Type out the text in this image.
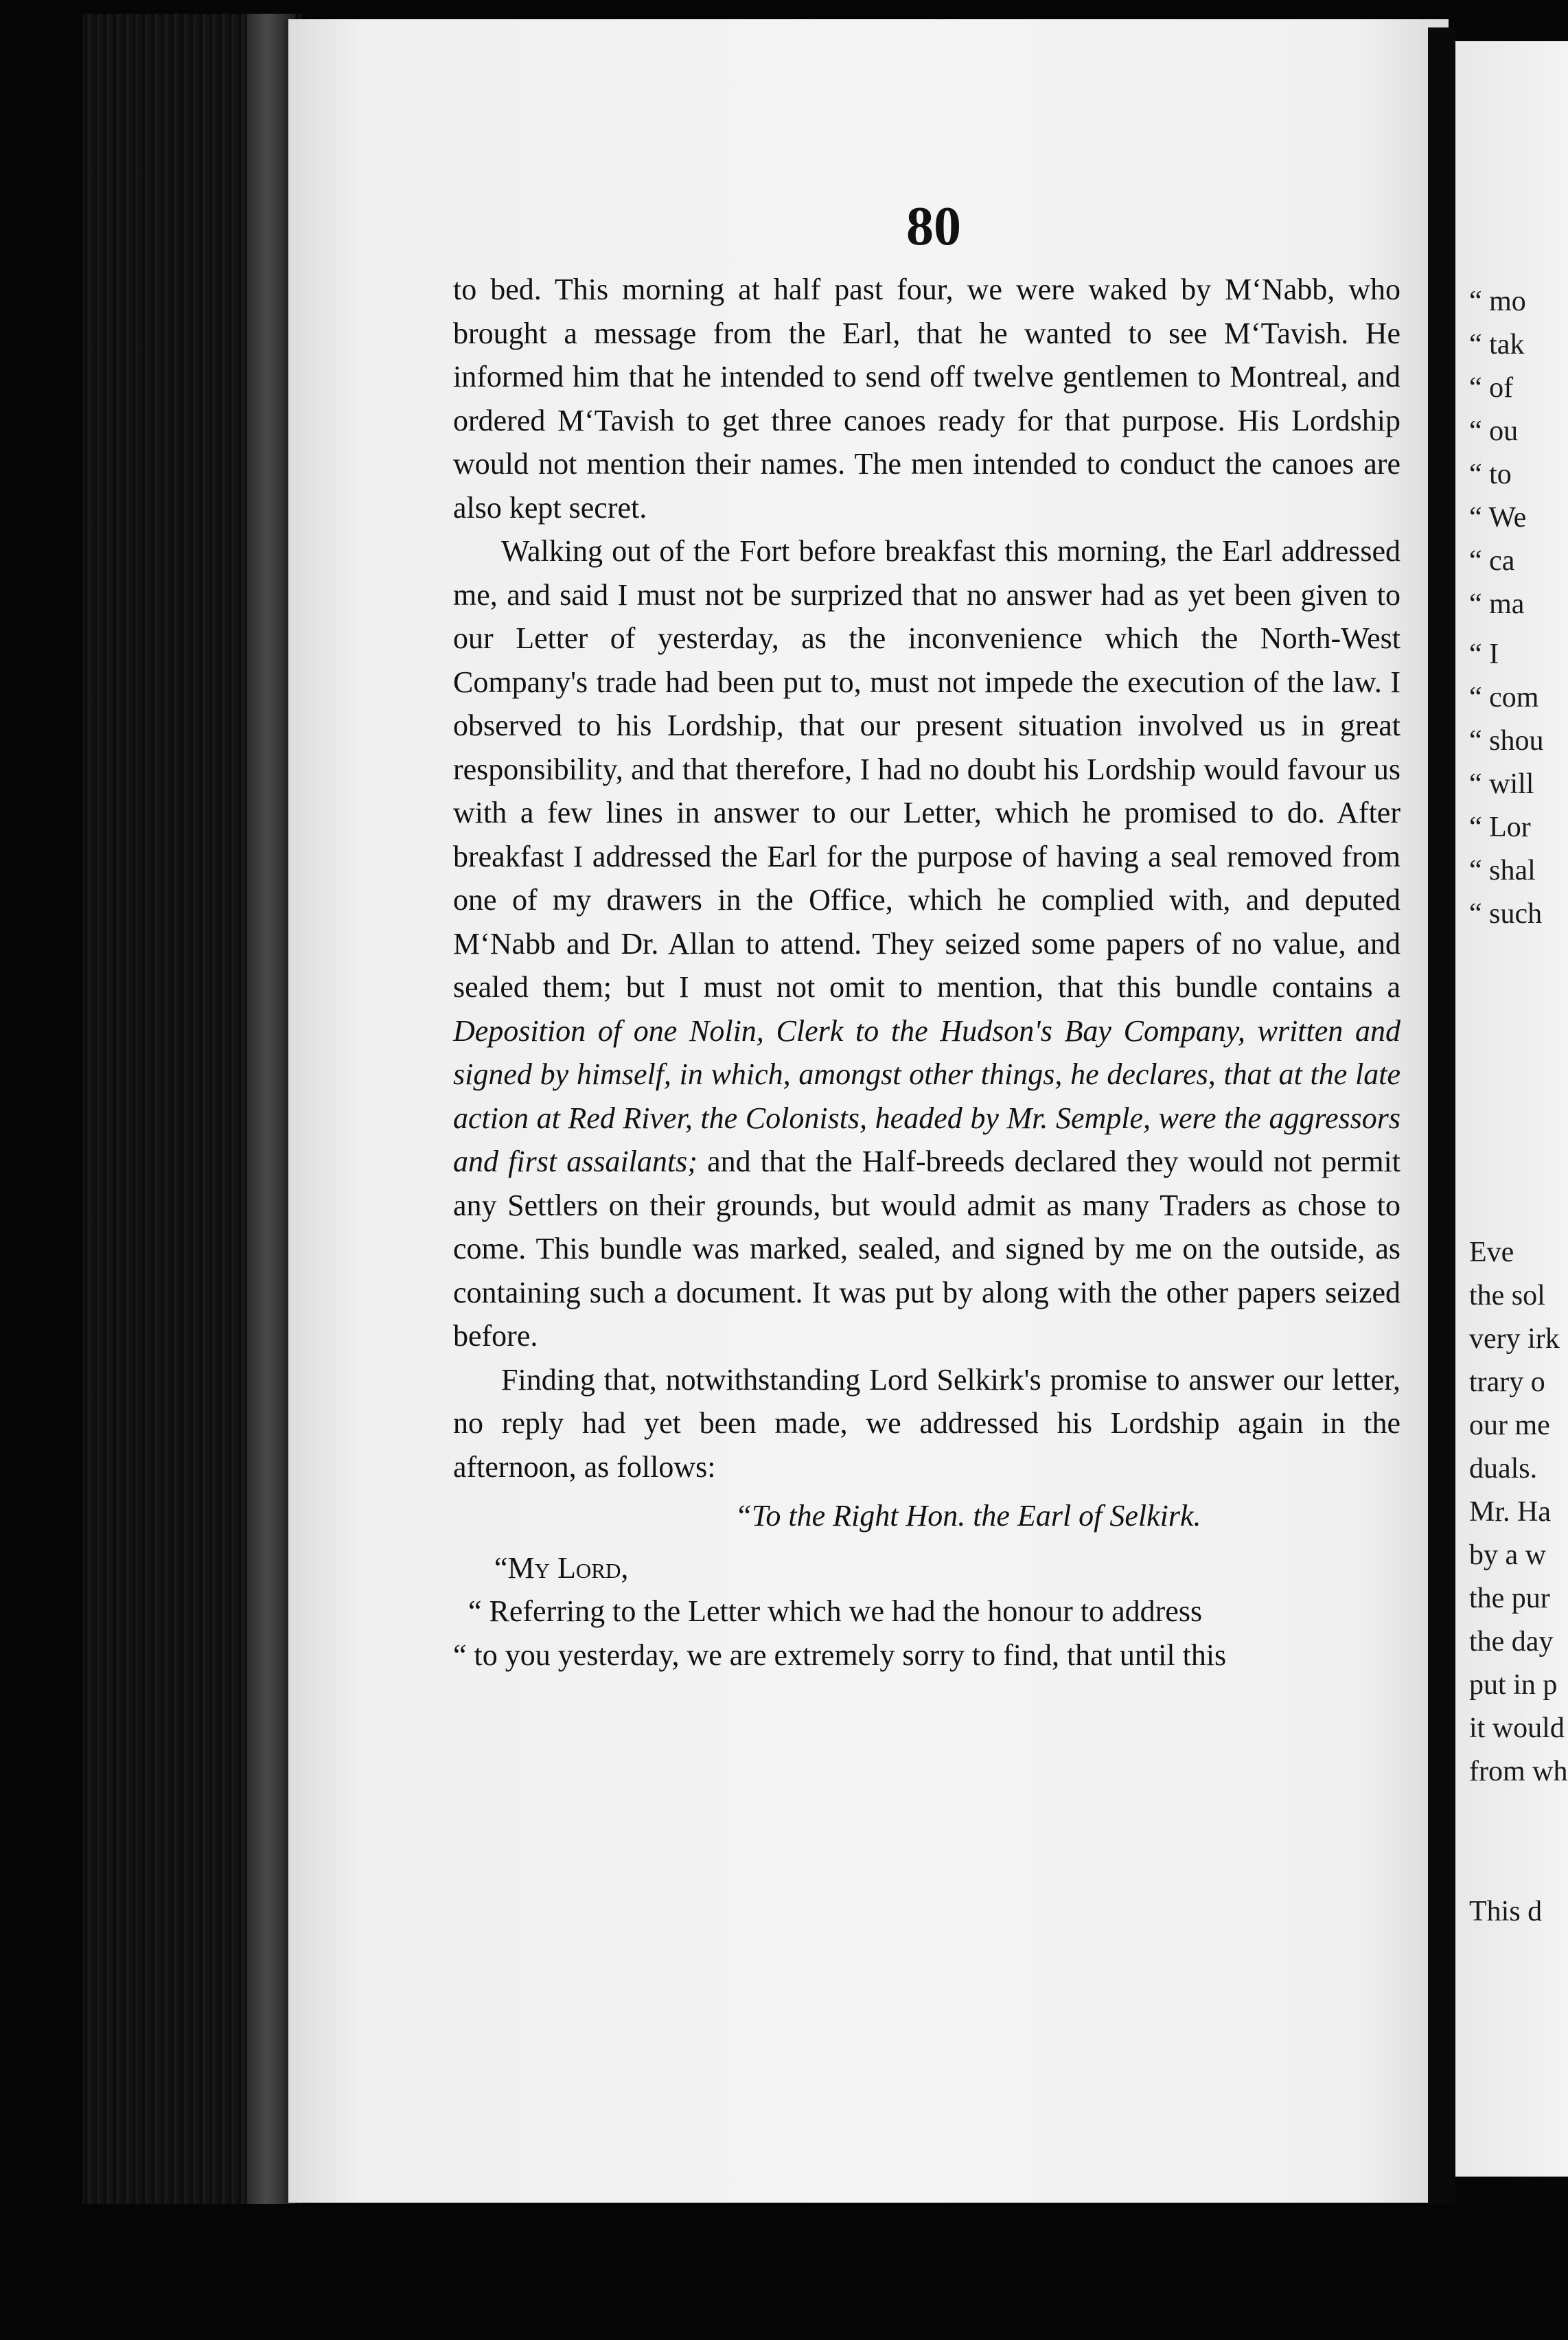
“ mo
“ tak
“ of
“ ou
“ to
“ We
“ ca
“ ma
“ I
“ com
“ shou
“ will
“ Lor
“ shal
“ such
Eve
the sol
very irk
trary o
our me
duals.
Mr. Ha
by a w
the pur
the day
put in p
it would
from wh
This d
80

to bed. This morning at half past four, we were waked by M‘Nabb, who brought a message from the Earl, that he wanted to see M‘Tavish. He informed him that he intended to send off twelve gentlemen to Montreal, and ordered M‘Tavish to get three canoes ready for that purpose. His Lordship would not mention their names. The men intended to conduct the canoes are also kept secret.

Walking out of the Fort before breakfast this morning, the Earl addressed me, and said I must not be surprized that no answer had as yet been given to our Letter of yesterday, as the inconvenience which the North-West Company's trade had been put to, must not impede the execution of the law. I observed to his Lordship, that our present situation involved us in great responsibility, and that therefore, I had no doubt his Lordship would favour us with a few lines in answer to our Letter, which he promised to do. After breakfast I addressed the Earl for the purpose of having a seal removed from one of my drawers in the Office, which he complied with, and deputed M‘Nabb and Dr. Allan to attend. They seized some papers of no value, and sealed them; but I must not omit to mention, that this bundle contains a Deposition of one Nolin, Clerk to the Hudson's Bay Company, written and signed by himself, in which, amongst other things, he declares, that at the late action at Red River, the Colonists, headed by Mr. Semple, were the aggressors and first assailants; and that the Half-breeds declared they would not permit any Settlers on their grounds, but would admit as many Traders as chose to come. This bundle was marked, sealed, and signed by me on the outside, as containing such a document. It was put by along with the other papers seized before.

Finding that, notwithstanding Lord Selkirk's promise to answer our letter, no reply had yet been made, we addressed his Lordship again in the afternoon, as follows:

“To the Right Hon. the Earl of Selkirk.

“My Lord,

“ Referring to the Letter which we had the honour to address

“ to you yesterday, we are extremely sorry to find, that until this
